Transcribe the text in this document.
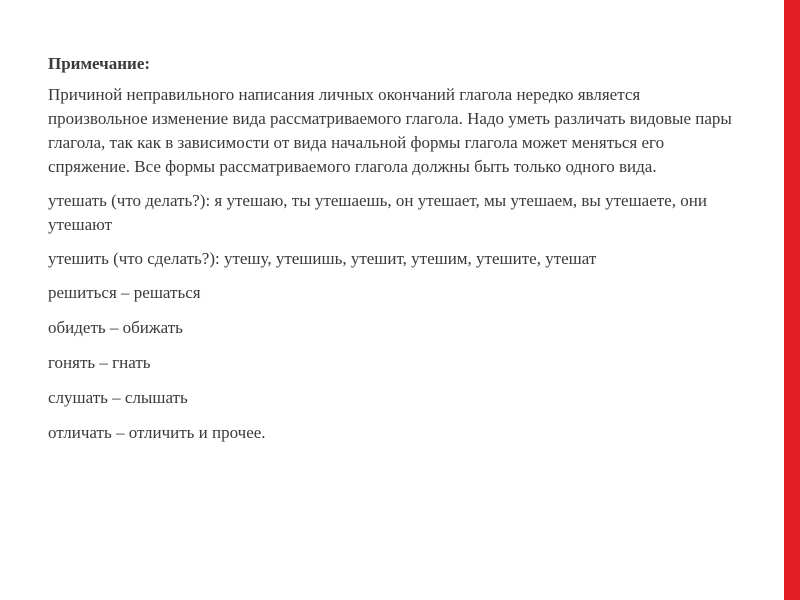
Примечание:
Причиной неправильного написания личных окончаний глагола нередко является произвольное изменение вида рассматриваемого глагола. Надо уметь различать видовые пары глагола, так как в зависимости от вида начальной формы глагола может меняться его спряжение. Все формы рассматриваемого глагола должны быть только одного вида.
утешать (что делать?): я утешаю, ты утешаешь, он утешает, мы утешаем, вы утешаете, они утешают
утешить (что сделать?): утешу, утешишь, утешит, утешим, утешите, утешат
решиться – решаться
обидеть – обижать
гонять – гнать
слушать – слышать
отличать – отличить и прочее.
